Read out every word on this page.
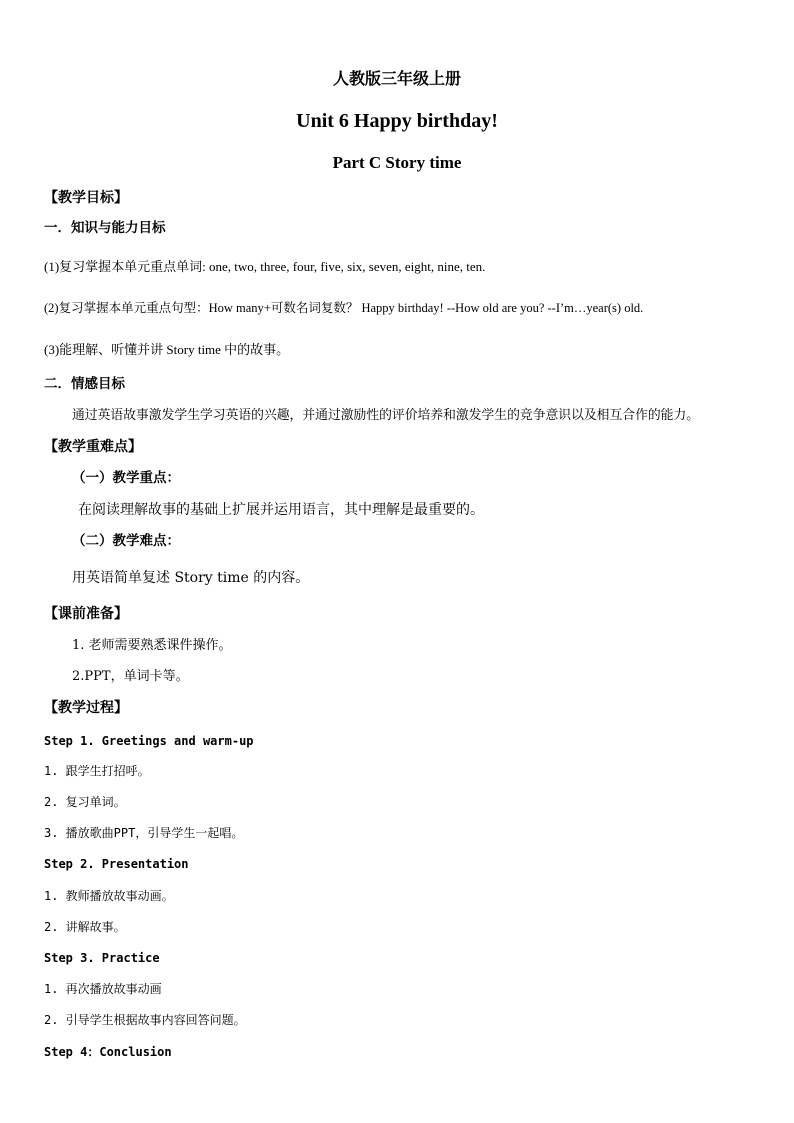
人教版三年级上册
Unit 6 Happy birthday!
Part C Story time
【教学目标】
一．知识与能力目标
(1)复习掌握本单元重点单词: one, two, three, four, five, six, seven, eight, nine, ten.
(2)复习掌握本单元重点句型：How many+可数名词复数？ Happy birthday! --How old are you? --I’m…year(s) old.
(3)能理解、听懂并讲 Story time 中的故事。
二．情感目标
通过英语故事激发学生学习英语的兴趣，并通过激励性的评价培养和激发学生的竞争意识以及相互合作的能力。
【教学重难点】
（一）教学重点：
在阅读理解故事的基础上扩展并运用语言，其中理解是最重要的。
（二）教学难点：
用英语简单复述 Story time 的内容。
【课前准备】
1. 老师需要熟悉课件操作。
2.PPT，单词卡等。
【教学过程】
Step 1. Greetings and warm-up
1. 跟学生打招呼。
2. 复习单词。
3. 播放歌曲PPT，引导学生一起唱。
Step 2. Presentation
1. 教师播放故事动画。
2. 讲解故事。
Step 3. Practice
1. 再次播放故事动画
2. 引导学生根据故事内容回答问题。
Step 4：Conclusion
